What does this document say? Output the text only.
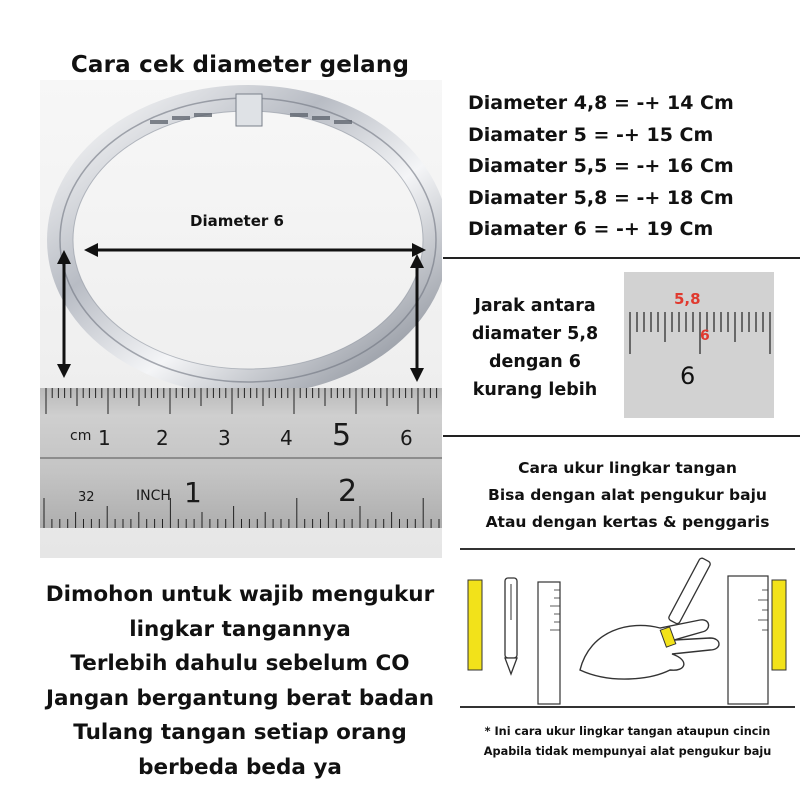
Cara cek diameter gelang
Diameter 6
cm 1 2 3 4 5 6
32	INCH 1	2
Diameter 4,8 = -+ 14 Cm
Diamater 5 = -+ 15 Cm
Diamater 5,5 = -+ 16 Cm
Diamater 5,8 = -+ 18 Cm
Diamater 6 = -+ 19 Cm
Jarak antara
diamater 5,8
dengan 6
kurang lebih
5,8
6
6
Cara ukur lingkar tangan
Bisa dengan alat pengukur baju
Atau dengan kertas & penggaris
* Ini cara ukur lingkar tangan ataupun cincin
Apabila tidak mempunyai alat pengukur baju
Dimohon untuk wajib mengukur
lingkar tangannya
Terlebih dahulu sebelum CO
Jangan bergantung berat badan
Tulang tangan setiap orang
berbeda beda ya
